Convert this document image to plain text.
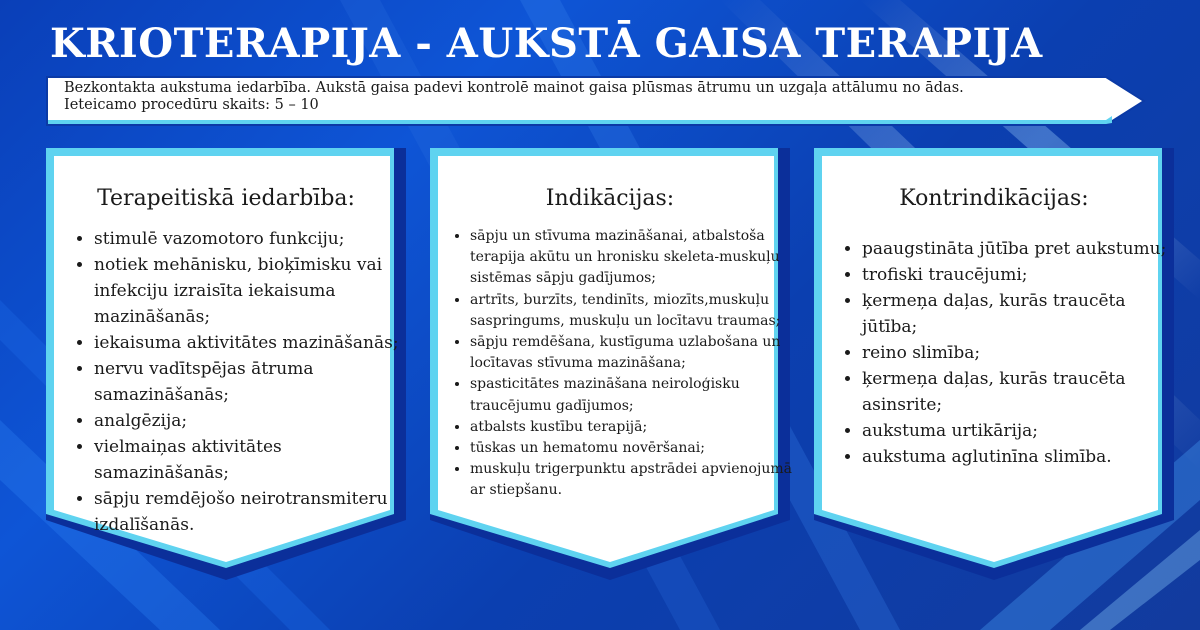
KRIOTERAPIJA - AUKSTĀ GAISA TERAPIJA
Bezkontakta aukstuma iedarbība. Aukstā gaisa padevi kontrolē mainot gaisa plūsmas ātrumu un uzgaļa attālumu no ādas.
Ieteicamo procedūru skaits: 5 – 10
Terapeitiskā iedarbība:
• stimulē vazomotoro funkciju;
• notiek mehānisku, bioķīmisku vai infekciju izraisīta iekaisuma mazināšanās;
• iekaisuma aktivitātes mazināšanās;
• nervu vadītspējas ātruma samazināšanās;
• analgēzija;
• vielmaiņas aktivitātes samazināšanās;
• sāpju remdējošo neirotransmiteru izdalīšanās.
Indikācijas:
• sāpju un stīvuma mazināšanai, atbalstoša terapija akūtu un hronisku skeleta-muskuļu sistēmas sāpju gadījumos;
• artrīts, burzīts, tendinīts, miozīts,muskuļu saspringums, muskuļu un locītavu traumas;
• sāpju remdēšana, kustīguma uzlabošana un locītavas stīvuma mazināšana;
• spasticitātes mazināšana neiroloģisku traucējumu gadījumos;
• atbalsts kustību terapijā;
• tūskas un hematomu novēršanai;
• muskuļu trigerpunktu apstrādei apvienojumā ar stiepšanu.
Kontrindikācijas:
• paaugstināta jūtība pret aukstumu;
• trofiski traucējumi;
• ķermeņa daļas, kurās traucēta jūtība;
• reino slimība;
• ķermeņa daļas, kurās traucēta asinsrite;
• aukstuma urtikārija;
• aukstuma aglutinīna slimība.
